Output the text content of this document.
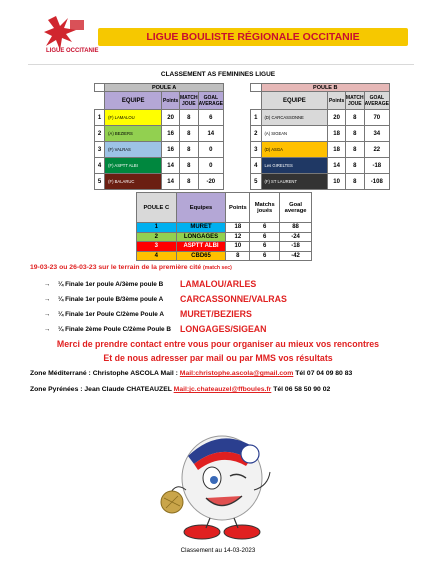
LIGUE OCCITANIE
LIGUE BOULISTE RÉGIONALE OCCITANIE
CLASSEMENT AS FEMININES LIGUE
	POULE A			
	EQUIPE	Points	MATCH JOUE	GOAL AVERAGE
1	(F) LAMALOU	20	8	6
2	(A) BEZIERS	16	8	14
3	(F) VALRAS	16	8	0
4	(F) ASPTT ALBI	14	8	0
5	(F) BALARUC	14	8	-20
	POULE B			
	EQUIPE	Points	MATCH JOUE	GOAL AVERAGE
1	(D) CARCASSONNE	20	8	70
2	(A) SIGEAN	18	8	34
3	(D) ASGA	18	8	22
4	Les GIRELTES	14	8	-18
5	(F) ST LAURENT	10	8	-108
POULE C	Equipes	Points	Matchs joués	Goal average
1	MURET	18	6	88
2	LONGAGES	12	6	-24
3	ASPTT ALBI	10	6	-18
4	CBD65	8	6	-42
19-03-23 ou 26-03-23 sur le terrain de la première cité (match sec)
→ ¼ Finale 1er poule A/3ème poule B LAMALOU/ARLES
→ ¼ Finale 1er poule B/3ème poule A CARCASSONNE/VALRAS
→ ¼ Finale 1er Poule C/2ème Poule A MURET/BEZIERS
→ ¼ Finale 2ème Poule C/2ème Poule B LONGAGES/SIGEAN
Merci de prendre contact entre vous pour organiser au mieux vos rencontres
Et de nous adresser par mail ou par MMS vos résultats
Zone Méditerrané : Christophe ASCOLA Mail : Mail:christophe.ascola@gmail.com Tél 07 04 09 80 83
Zone Pyrénées : Jean Claude CHATEAUZEL Mail:jc.chateauzel@ffboules.fr Tél 06 58 50 90 02
Classement au 14-03-2023
